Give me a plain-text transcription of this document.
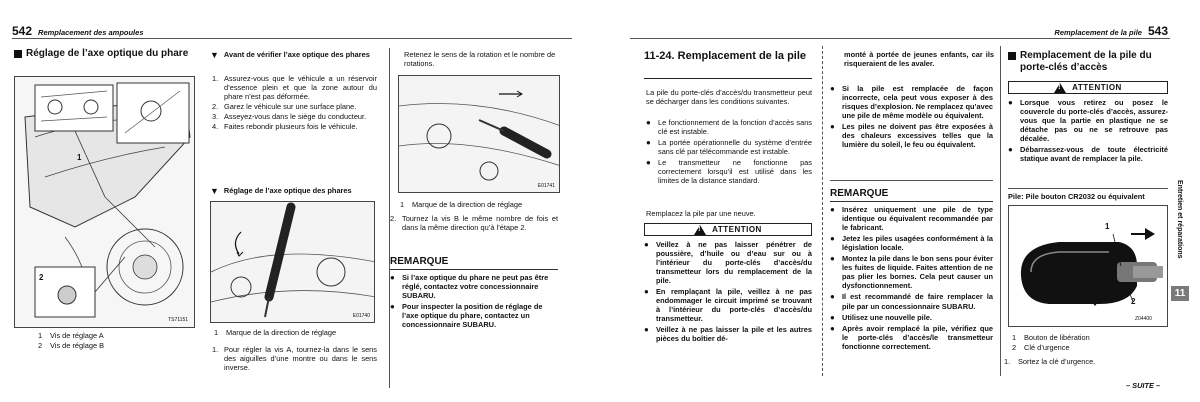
542 Remplacement des ampoules
Réglage de l’axe optique du phare
1
2
TS71151
1	Vis de réglage A
2	Vis de réglage B
▼ Avant de vérifier l’axe optique des phares
1. Assurez-vous que le véhicule a un réservoir d’essence plein et que la zone autour du phare n’est pas déformée.
2. Garez le véhicule sur une surface plane.
3. Asseyez-vous dans le siège du conducteur.
4. Faites rebondir plusieurs fois le véhicule.
▼ Réglage de l’axe optique des phares
E01740
1	Marque de la direction de réglage
1. Pour régler la vis A, tournez-la dans le sens des aiguilles d’une montre ou dans le sens inverse.
Retenez le sens de la rotation et le nombre de rotations.
E01741
1	Marque de la direction de réglage
2. Tournez la vis B le même nombre de fois et dans la même direction qu’à l’étape 2.
REMARQUE
● Si l’axe optique du phare ne peut pas être réglé, contactez votre concessionnaire SUBARU.
● Pour inspecter la position de réglage de l’axe optique du phare, contactez un concessionnaire SUBARU.
Remplacement de la pile 543
11-24. Remplacement de la pile
La pile du porte-clés d’accès/du transmetteur peut se décharger dans les conditions suivantes.
● Le fonctionnement de la fonction d’accès sans clé est instable.
● La portée opérationnelle du système d’entrée sans clé par télécommande est instable.
● Le transmetteur ne fonctionne pas correctement lorsqu’il est utilisé dans les limites de la distance standard.
Remplacez la pile par une neuve.
! ATTENTION
● Veillez à ne pas laisser pénétrer de poussière, d’huile ou d’eau sur ou à l’intérieur du porte-clés d’accès/du transmetteur lors du remplacement de la pile.
● En remplaçant la pile, veillez à ne pas endommager le circuit imprimé se trouvant à l’intérieur du porte-clés d’accès/du transmetteur.
● Veillez à ne pas laisser la pile et les autres pièces du boîtier dé-
monté à portée de jeunes enfants, car ils risqueraient de les avaler.
● Si la pile est remplacée de façon incorrecte, cela peut vous exposer à des risques d’explosion. Ne remplacez qu’avec une pile de même modèle ou équivalent.
● Les piles ne doivent pas être exposées à des chaleurs excessives telles que la lumière du soleil, le feu ou équivalent.
REMARQUE
● Insérez uniquement une pile de type identique ou équivalent recommandée par le fabricant.
● Jetez les piles usagées conformément à la législation locale.
● Montez la pile dans le bon sens pour éviter les fuites de liquide. Faites attention de ne pas plier les bornes. Cela peut causer un dysfonctionnement.
● Il est recommandé de faire remplacer la pile par un concessionnaire SUBARU.
● Utilisez une nouvelle pile.
● Après avoir remplacé la pile, vérifiez que le porte-clés d’accès/le transmetteur fonctionne correctement.
Remplacement de la pile du porte-clés d’accès
! ATTENTION
● Lorsque vous retirez ou posez le couvercle du porte-clés d’accès, assurez-vous que la partie en plastique ne se détache pas ou ne se retrouve pas décalée.
● Débarrassez-vous de toute électricité statique avant de remplacer la pile.
Pile: Pile bouton CR2032 ou équivalent
1
2
Z04400
1	Bouton de libération
2	Clé d’urgence
1.	Sortez la clé d’urgence.
– SUITE –
Entretien et réparations
11
